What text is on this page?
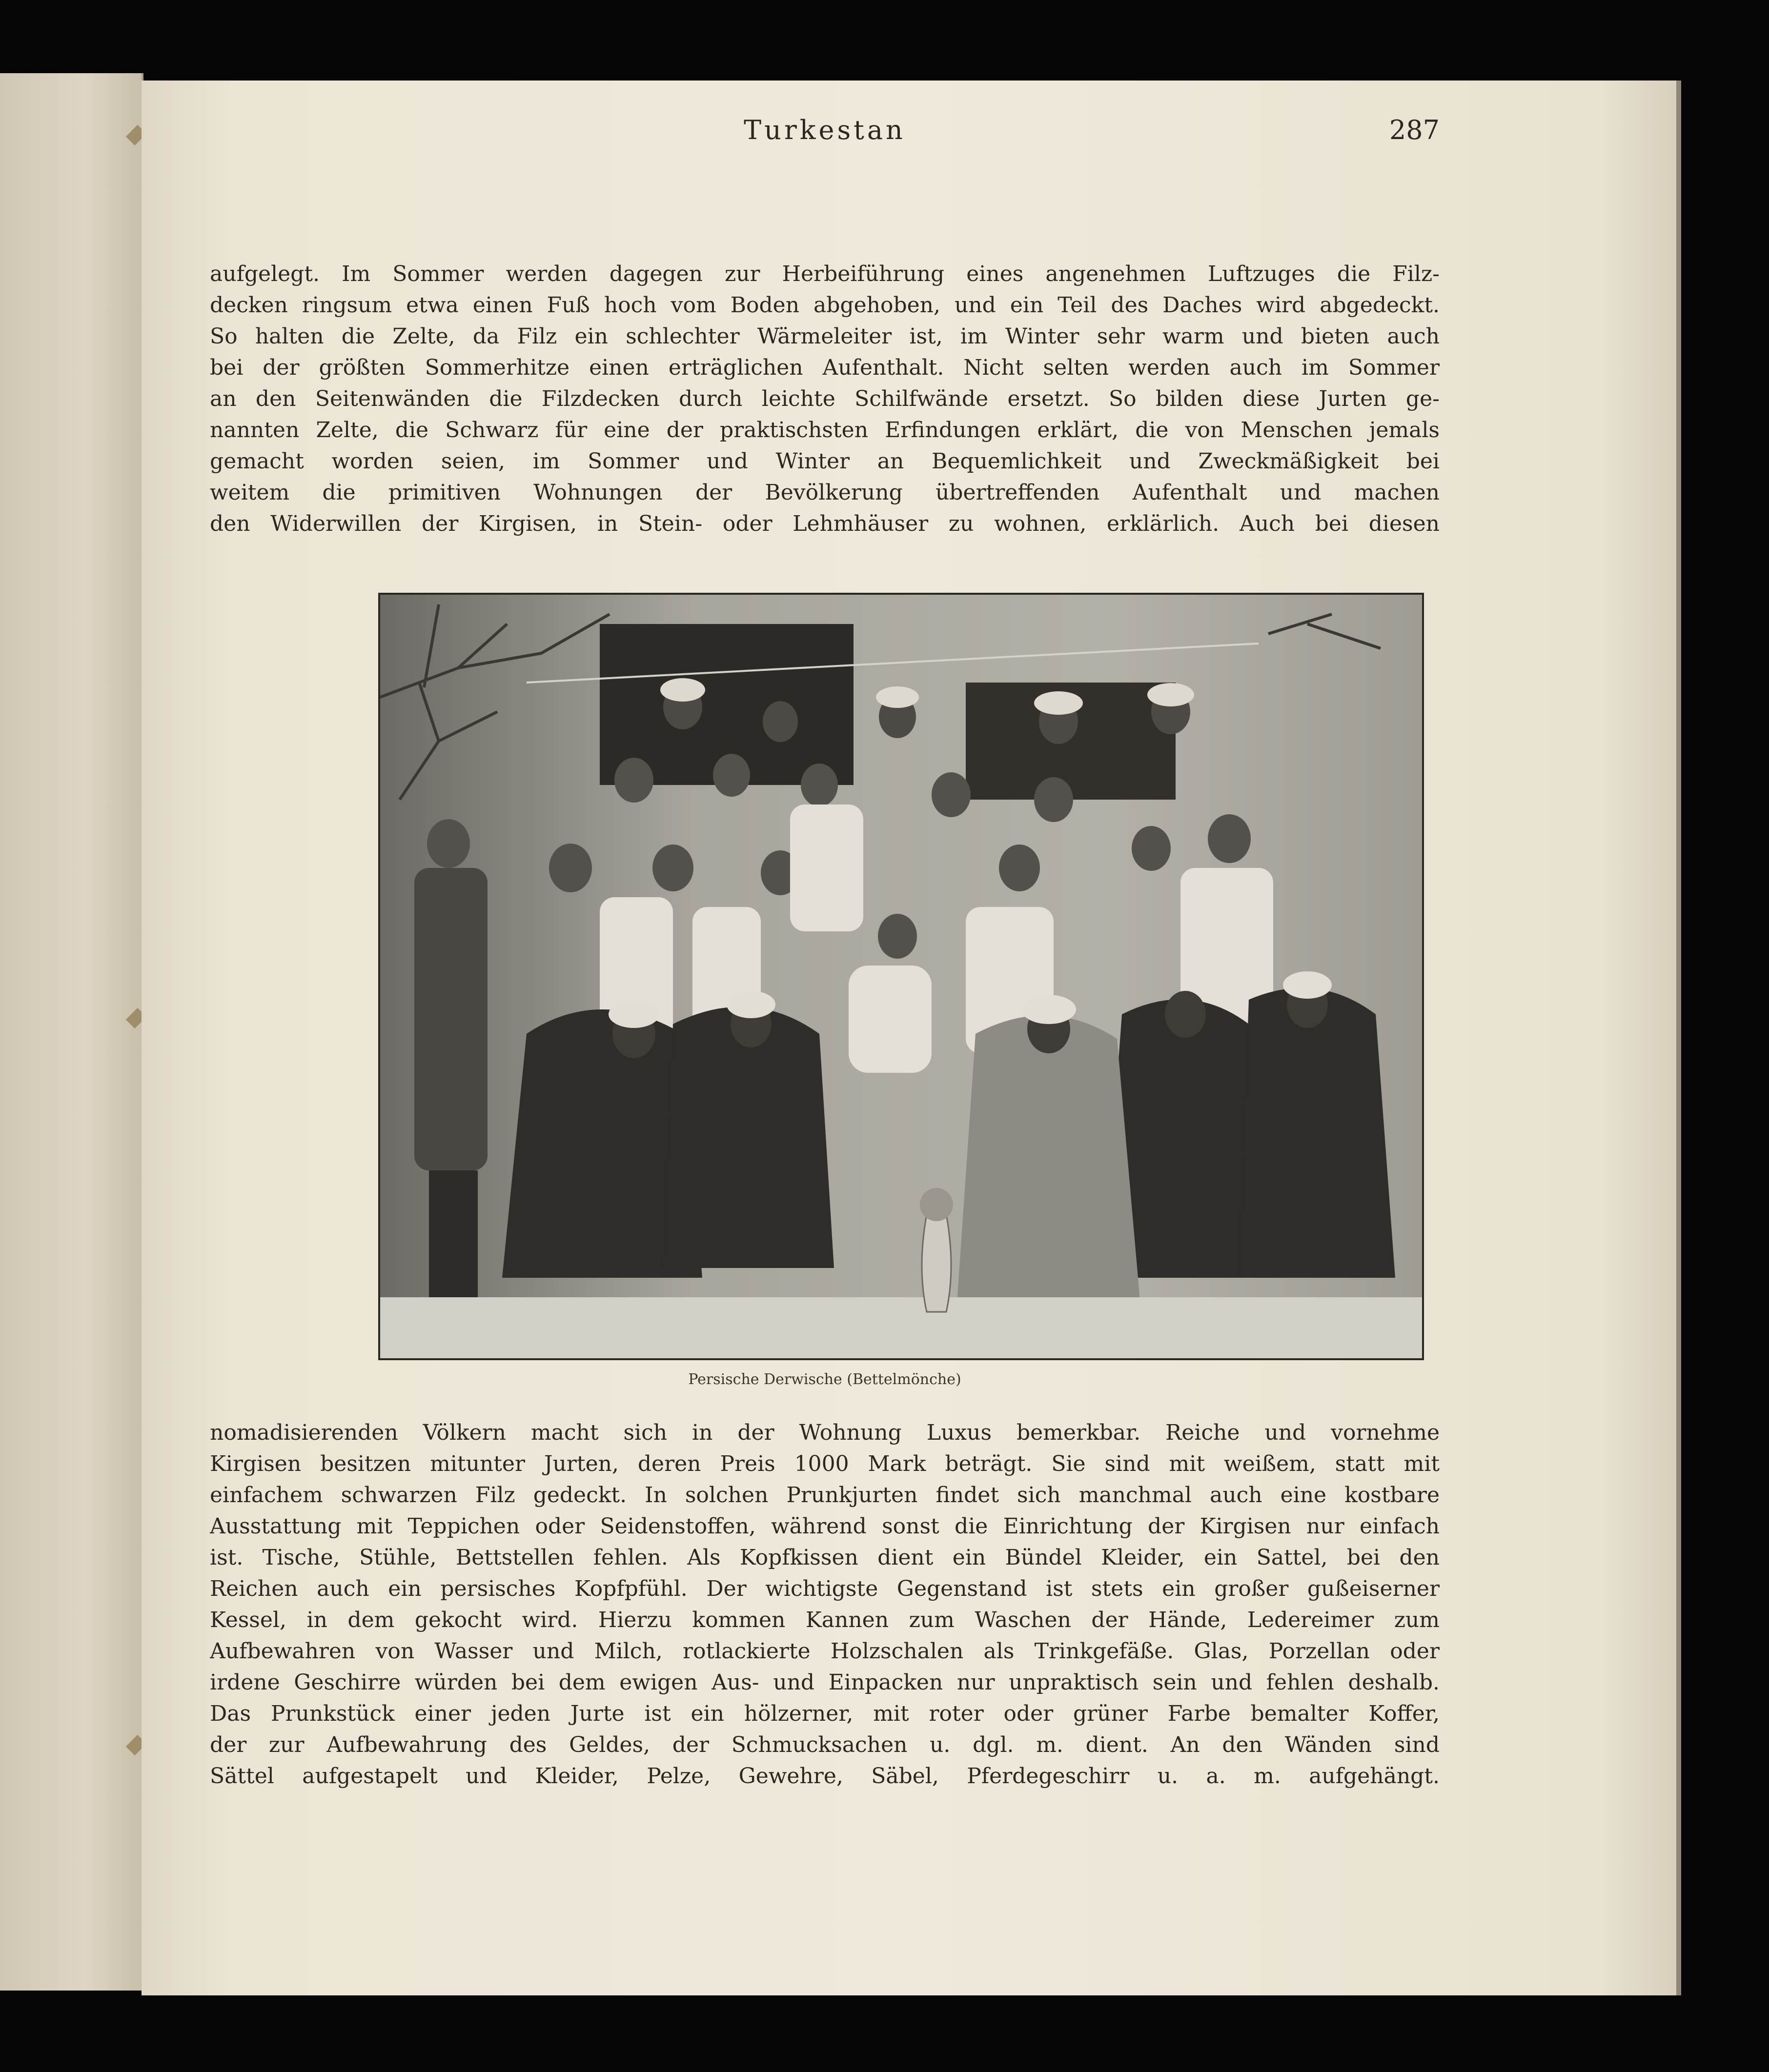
Turkestan	287
aufgelegt. Im Sommer werden dagegen zur Herbeiführung eines angenehmen Luftzuges die Filz-
decken ringsum etwa einen Fuß hoch vom Boden abgehoben, und ein Teil des Daches wird abgedeckt.
So halten die Zelte, da Filz ein schlechter Wärmeleiter ist, im Winter sehr warm und bieten auch
bei der größten Sommerhitze einen erträglichen Aufenthalt. Nicht selten werden auch im Sommer
an den Seitenwänden die Filzdecken durch leichte Schilfwände ersetzt. So bilden diese Jurten ge-
nannten Zelte, die Schwarz für eine der praktischsten Erfindungen erklärt, die von Menschen jemals
gemacht worden seien, im Sommer und Winter an Bequemlichkeit und Zweckmäßigkeit bei
weitem die primitiven Wohnungen der Bevölkerung übertreffenden Aufenthalt und machen
den Widerwillen der Kirgisen, in Stein- oder Lehmhäuser zu wohnen, erklärlich. Auch bei diesen
Persische Derwische (Bettelmönche)
nomadisierenden Völkern macht sich in der Wohnung Luxus bemerkbar. Reiche und vornehme
Kirgisen besitzen mitunter Jurten, deren Preis 1000 Mark beträgt. Sie sind mit weißem, statt mit
einfachem schwarzen Filz gedeckt. In solchen Prunkjurten findet sich manchmal auch eine kostbare
Ausstattung mit Teppichen oder Seidenstoffen, während sonst die Einrichtung der Kirgisen nur einfach
ist. Tische, Stühle, Bettstellen fehlen. Als Kopfkissen dient ein Bündel Kleider, ein Sattel, bei den
Reichen auch ein persisches Kopfpfühl. Der wichtigste Gegenstand ist stets ein großer gußeiserner
Kessel, in dem gekocht wird. Hierzu kommen Kannen zum Waschen der Hände, Ledereimer zum
Aufbewahren von Wasser und Milch, rotlackierte Holzschalen als Trinkgefäße. Glas, Porzellan oder
irdene Geschirre würden bei dem ewigen Aus- und Einpacken nur unpraktisch sein und fehlen deshalb.
Das Prunkstück einer jeden Jurte ist ein hölzerner, mit roter oder grüner Farbe bemalter Koffer,
der zur Aufbewahrung des Geldes, der Schmucksachen u. dgl. m. dient. An den Wänden sind
Sättel aufgestapelt und Kleider, Pelze, Gewehre, Säbel, Pferdegeschirr u. a. m. aufgehängt.
